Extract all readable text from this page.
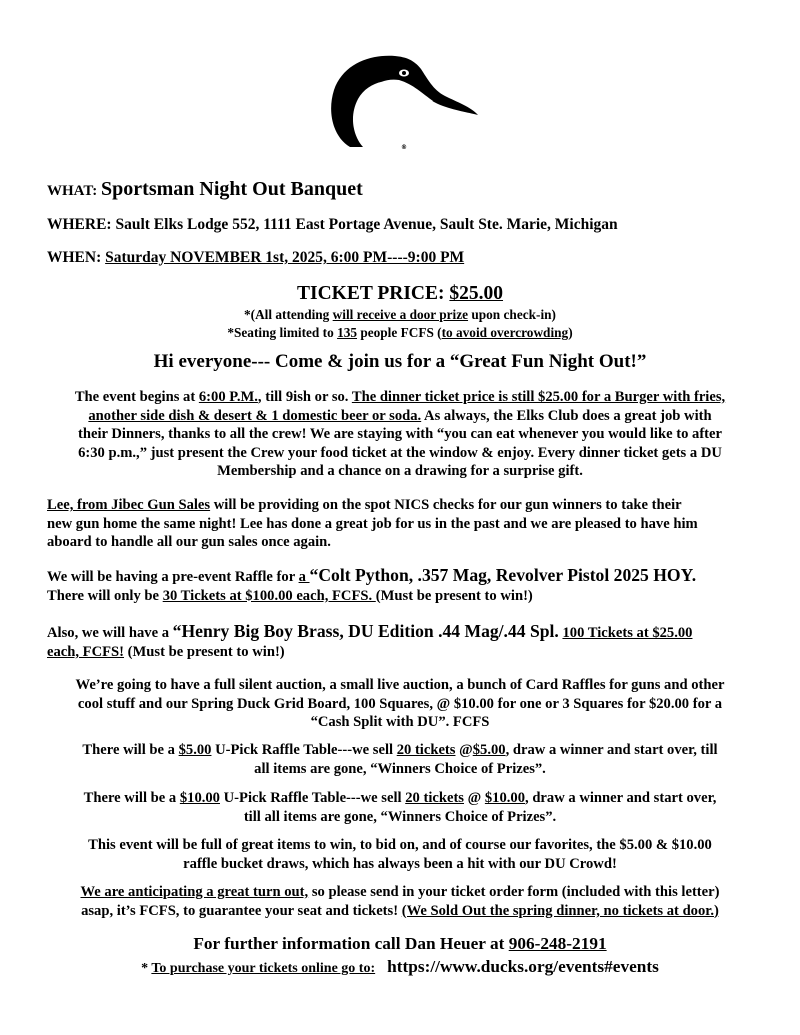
®
WHAT: Sportsman Night Out Banquet
WHERE: Sault Elks Lodge 552, 1111 East Portage Avenue, Sault Ste. Marie, Michigan
WHEN: Saturday NOVEMBER 1st, 2025, 6:00 PM----9:00 PM
TICKET PRICE: $25.00
*(All attending will receive a door prize upon check-in)
*Seating limited to 135 people FCFS (to avoid overcrowding)
Hi everyone--- Come & join us for a “Great Fun Night Out!”
The event begins at 6:00 P.M., till 9ish or so. The dinner ticket price is still $25.00 for a Burger with fries,
another side dish & desert & 1 domestic beer or soda. As always, the Elks Club does a great job with
their Dinners, thanks to all the crew! We are staying with “you can eat whenever you would like to after
6:30 p.m.,” just present the Crew your food ticket at the window & enjoy. Every dinner ticket gets a DU
Membership and a chance on a drawing for a surprise gift.
Lee, from Jibec Gun Sales will be providing on the spot NICS checks for our gun winners to take their
new gun home the same night! Lee has done a great job for us in the past and we are pleased to have him
aboard to handle all our gun sales once again.
We will be having a pre-event Raffle for a “Colt Python, .357 Mag, Revolver Pistol 2025 HOY.
There will only be 30 Tickets at $100.00 each, FCFS. (Must be present to win!)
Also, we will have a “Henry Big Boy Brass, DU Edition .44 Mag/.44 Spl. 100 Tickets at $25.00
each, FCFS! (Must be present to win!)
We’re going to have a full silent auction, a small live auction, a bunch of Card Raffles for guns and other
cool stuff and our Spring Duck Grid Board, 100 Squares, @ $10.00 for one or 3 Squares for $20.00 for a
“Cash Split with DU”. FCFS
There will be a $5.00 U-Pick Raffle Table---we sell 20 tickets @$5.00, draw a winner and start over, till
all items are gone, “Winners Choice of Prizes”.
There will be a $10.00 U-Pick Raffle Table---we sell 20 tickets @ $10.00, draw a winner and start over,
till all items are gone, “Winners Choice of Prizes”.
This event will be full of great items to win, to bid on, and of course our favorites, the $5.00 & $10.00
raffle bucket draws, which has always been a hit with our DU Crowd!
We are anticipating a great turn out, so please send in your ticket order form (included with this letter)
asap, it’s FCFS, to guarantee your seat and tickets! (We Sold Out the spring dinner, no tickets at door.)
For further information call Dan Heuer at 906-248-2191
* To purchase your tickets online go to: https://www.ducks.org/events#events
